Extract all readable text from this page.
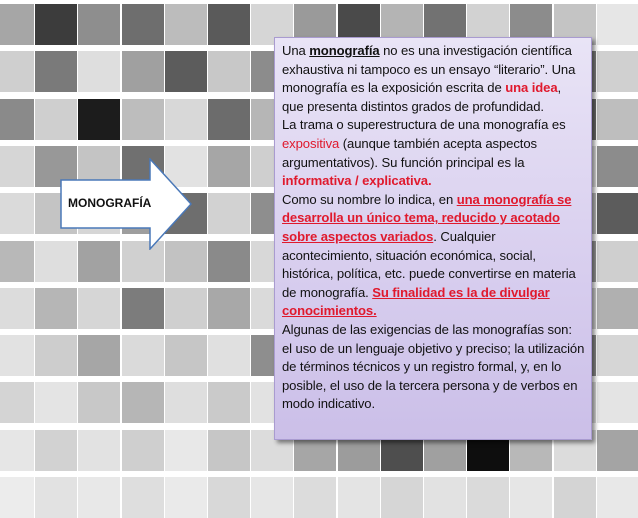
MONOGRAFÍA

Una monografía no es una investigación científica exhaustiva ni tampoco es un ensayo “literario”. Una monografía es la exposición escrita de una idea, que presenta distintos grados de profundidad.

La trama o superestructura de una monografía es expositiva (aunque también acepta aspectos argumentativos). Su función principal es la informativa / explicativa.

Como su nombre lo indica, en una monografía se desarrolla un único tema, reducido y acotado sobre aspectos variados. Cualquier acontecimiento, situación económica, social, histórica, política, etc. puede convertirse en materia de monografía. Su finalidad es la de divulgar conocimientos.

Algunas de las exigencias de las monografías son: el uso de un lenguaje objetivo y preciso; la utilización de términos técnicos y un registro formal, y, en lo posible, el uso de la tercera persona y de verbos en modo indicativo.
